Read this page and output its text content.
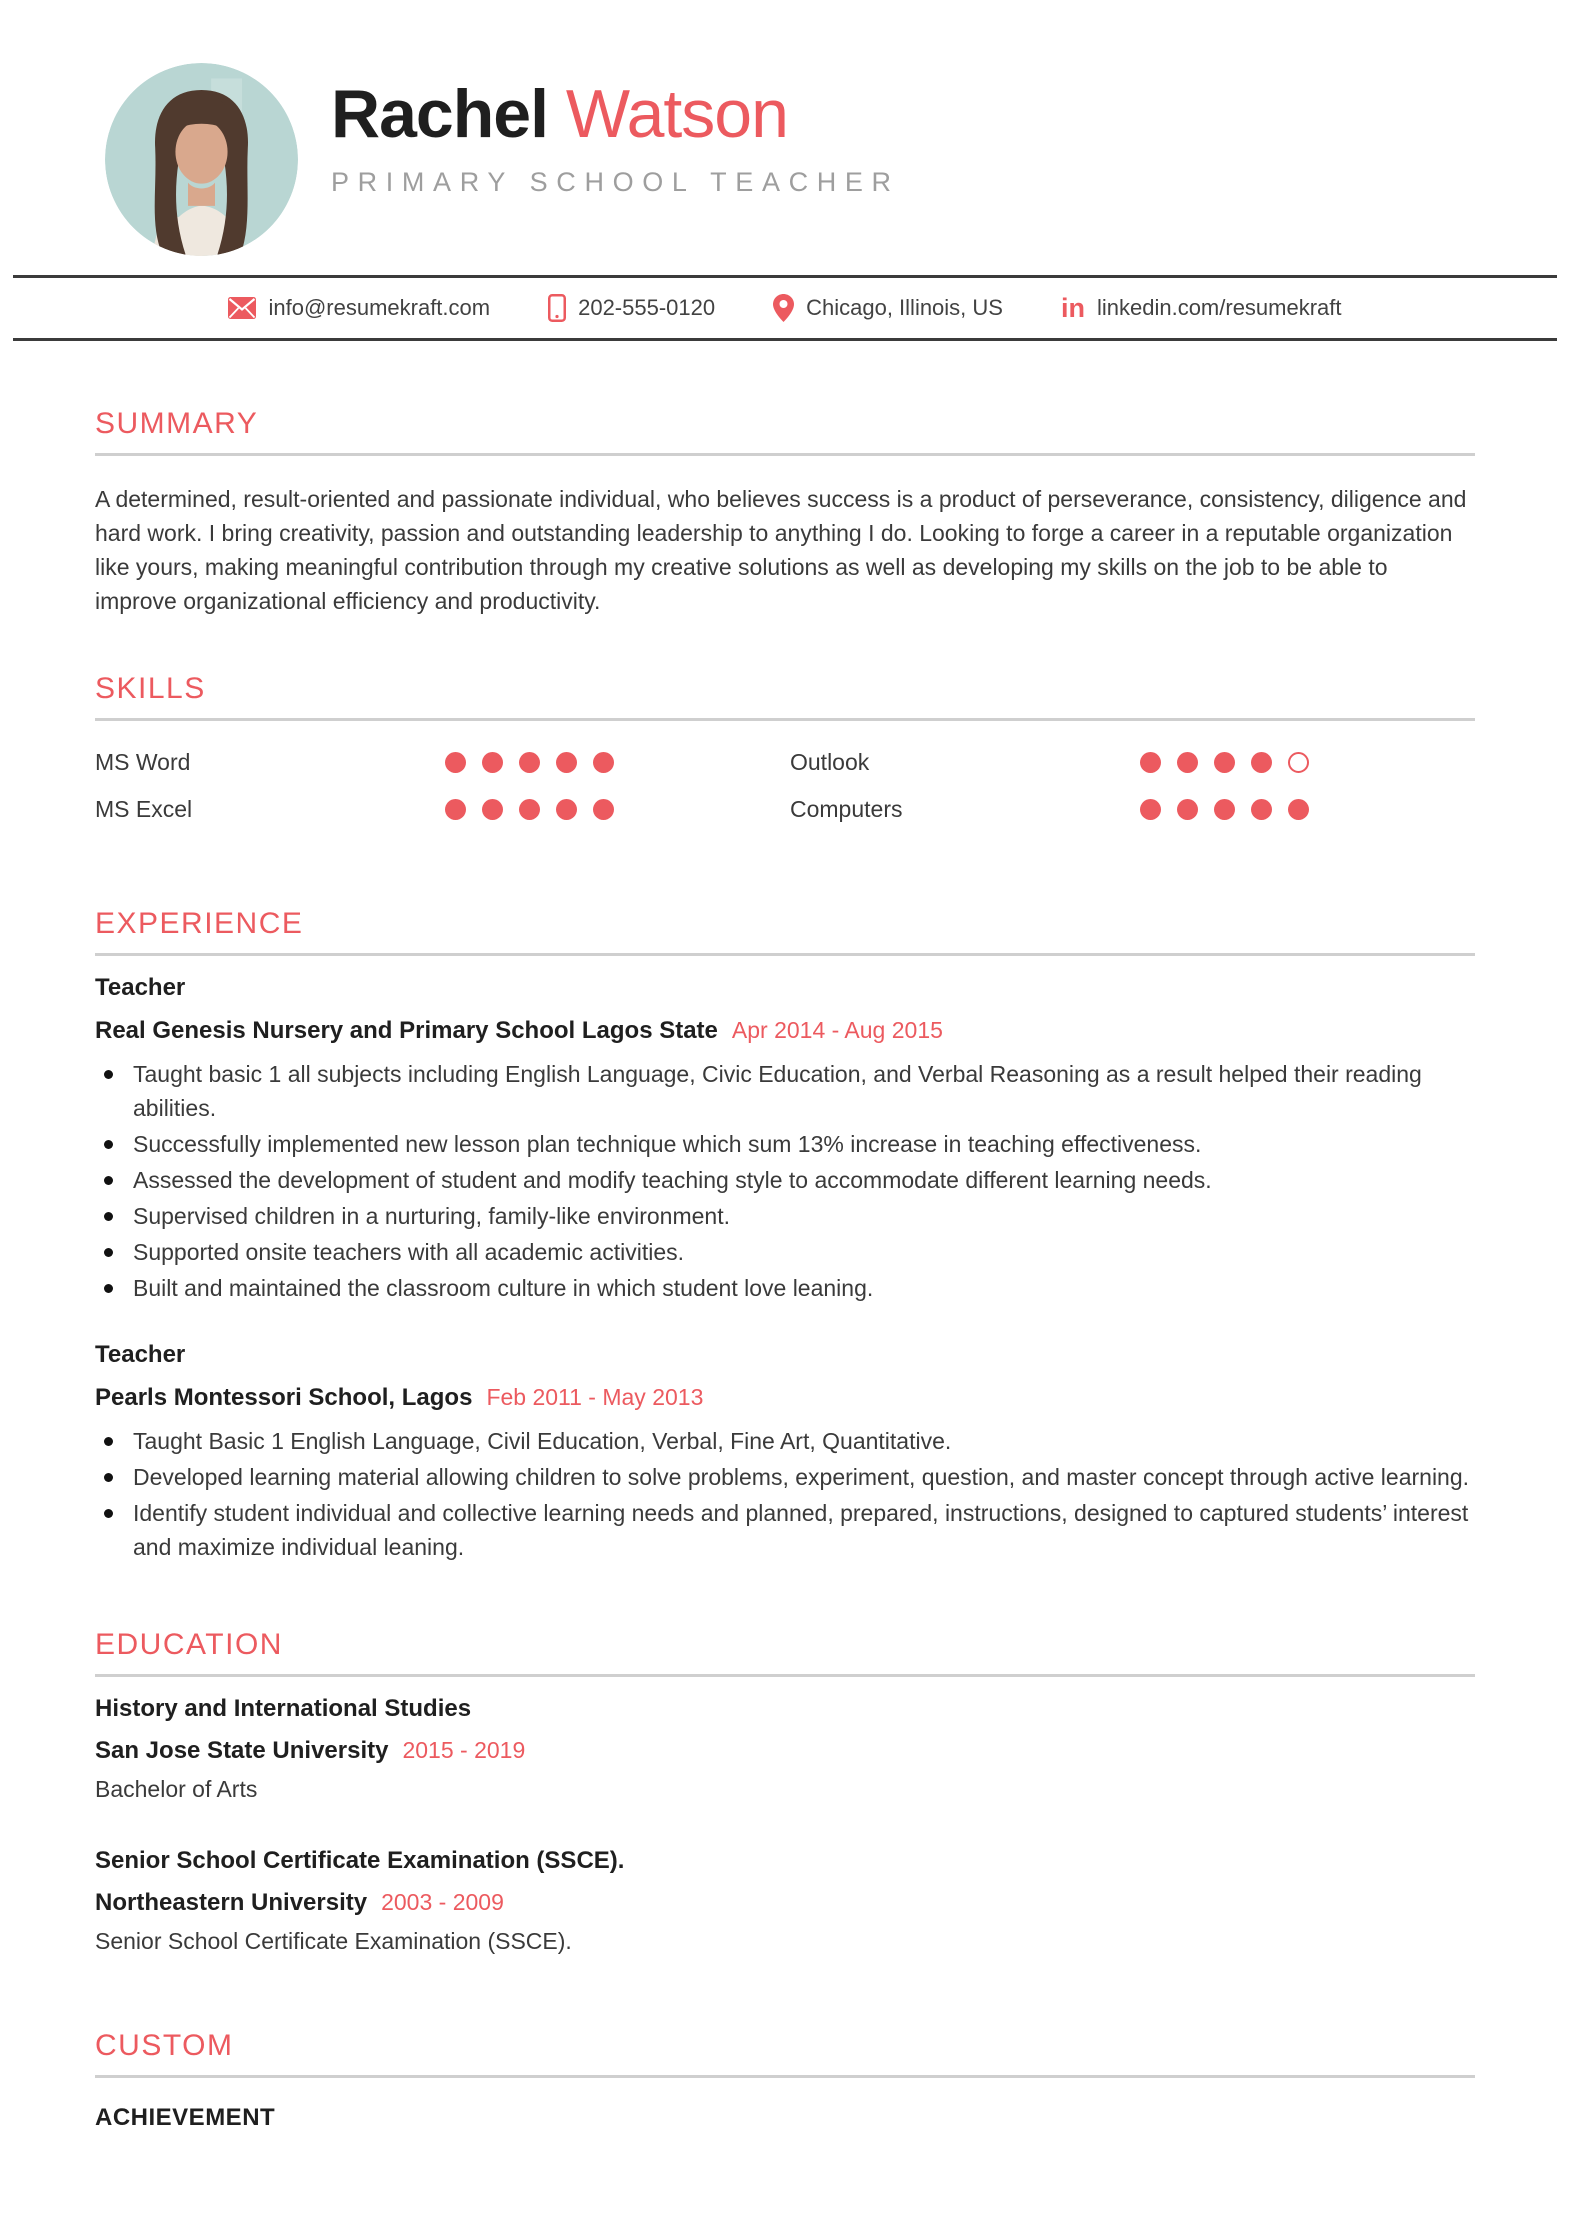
Rachel Watson
PRIMARY SCHOOL TEACHER
info@resumekraft.com	202-555-0120	Chicago, Illinois, US in linkedin.com/resumekraft
SUMMARY

A determined, result-oriented and passionate individual, who believes success is a product of perseverance, consistency, diligence and hard work. I bring creativity, passion and outstanding leadership to anything I do. Looking to forge a career in a reputable organization like yours, making meaningful contribution through my creative solutions as well as developing my skills on the job to be able to improve organizational efficiency and productivity.

SKILLS
MS Word	Outlook
MS Excel	Computers
EXPERIENCE
Teacher
Real Genesis Nursery and Primary School Lagos State Apr 2014 - Aug 2015
Taught basic 1 all subjects including English Language, Civic Education, and Verbal Reasoning as a result helped their reading abilities.
Successfully implemented new lesson plan technique which sum 13% increase in teaching effectiveness.
Assessed the development of student and modify teaching style to accommodate different learning needs.
Supervised children in a nurturing, family-like environment.
Supported onsite teachers with all academic activities.
Built and maintained the classroom culture in which student love leaning.
Teacher
Pearls Montessori School, Lagos Feb 2011 - May 2013
Taught Basic 1 English Language, Civil Education, Verbal, Fine Art, Quantitative.
Developed learning material allowing children to solve problems, experiment, question, and master concept through active learning.
Identify student individual and collective learning needs and planned, prepared, instructions, designed to captured students’ interest and maximize individual leaning.
EDUCATION
History and International Studies
San Jose State University 2015 - 2019
Bachelor of Arts
Senior School Certificate Examination (SSCE).
Northeastern University 2003 - 2009
Senior School Certificate Examination (SSCE).
CUSTOM
ACHIEVEMENT
